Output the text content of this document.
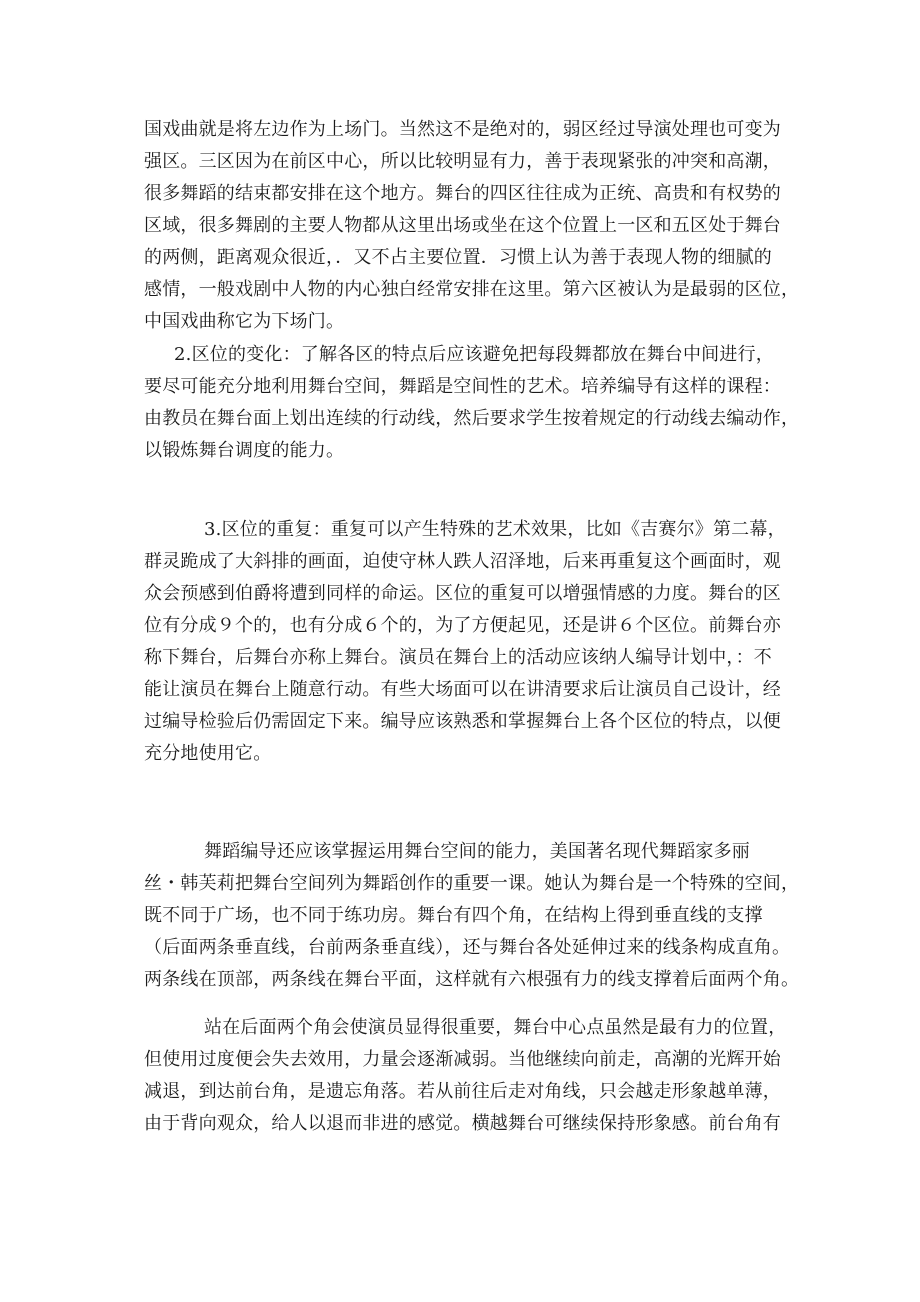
国戏曲就是将左边作为上场门。当然这不是绝对的，弱区经过导演处理也可变为
强区。三区因为在前区中心，所以比较明显有力，善于表现紧张的冲突和高潮，
很多舞蹈的结束都安排在这个地方。舞台的四区往往成为正统、高贵和有权势的
区域，很多舞剧的主要人物都从这里出场或坐在这个位置上一区和五区处于舞台
的两侧，距离观众很近，．又不占主要位置．习惯上认为善于表现人物的细腻的
感情，一般戏剧中人物的内心独白经常安排在这里。第六区被认为是最弱的区位，
中国戏曲称它为下场门。

2.区位的变化：了解各区的特点后应该避免把每段舞都放在舞台中间进行，
要尽可能充分地利用舞台空间，舞蹈是空间性的艺术。培养编导有这样的课程：
由教员在舞台面上划出连续的行动线，然后要求学生按着规定的行动线去编动作，
以锻炼舞台调度的能力。

3.区位的重复：重复可以产生特殊的艺术效果，比如《吉赛尔》第二幕，
群灵跪成了大斜排的画面，迫使守林人跌人沼泽地，后来再重复这个画面时，观
众会预感到伯爵将遭到同样的命运。区位的重复可以增强情感的力度。舞台的区
位有分成９个的，也有分成６个的，为了方便起见，还是讲６个区位。前舞台亦
称下舞台，后舞台亦称上舞台。演员在舞台上的活动应该纳人编导计划中，：不
能让演员在舞台上随意行动。有些大场面可以在讲清要求后让演员自己设计，经
过编导检验后仍需固定下来。编导应该熟悉和掌握舞台上各个区位的特点，以便
充分地使用它。

舞蹈编导还应该掌握运用舞台空间的能力，美国著名现代舞蹈家多丽
丝・韩芙莉把舞台空间列为舞蹈创作的重要一课。她认为舞台是一个特殊的空间，
既不同于广场，也不同于练功房。舞台有四个角，在结构上得到垂直线的支撑
（后面两条垂直线，台前两条垂直线），还与舞台各处延伸过来的线条构成直角。
两条线在顶部，两条线在舞台平面，这样就有六根强有力的线支撑着后面两个角。

站在后面两个角会使演员显得很重要，舞台中心点虽然是最有力的位置，
但使用过度便会失去效用，力量会逐渐减弱。当他继续向前走，高潮的光辉开始
减退，到达前台角，是遗忘角落。若从前往后走对角线，只会越走形象越单薄，
由于背向观众，给人以退而非进的感觉。横越舞台可继续保持形象感。前台角有
